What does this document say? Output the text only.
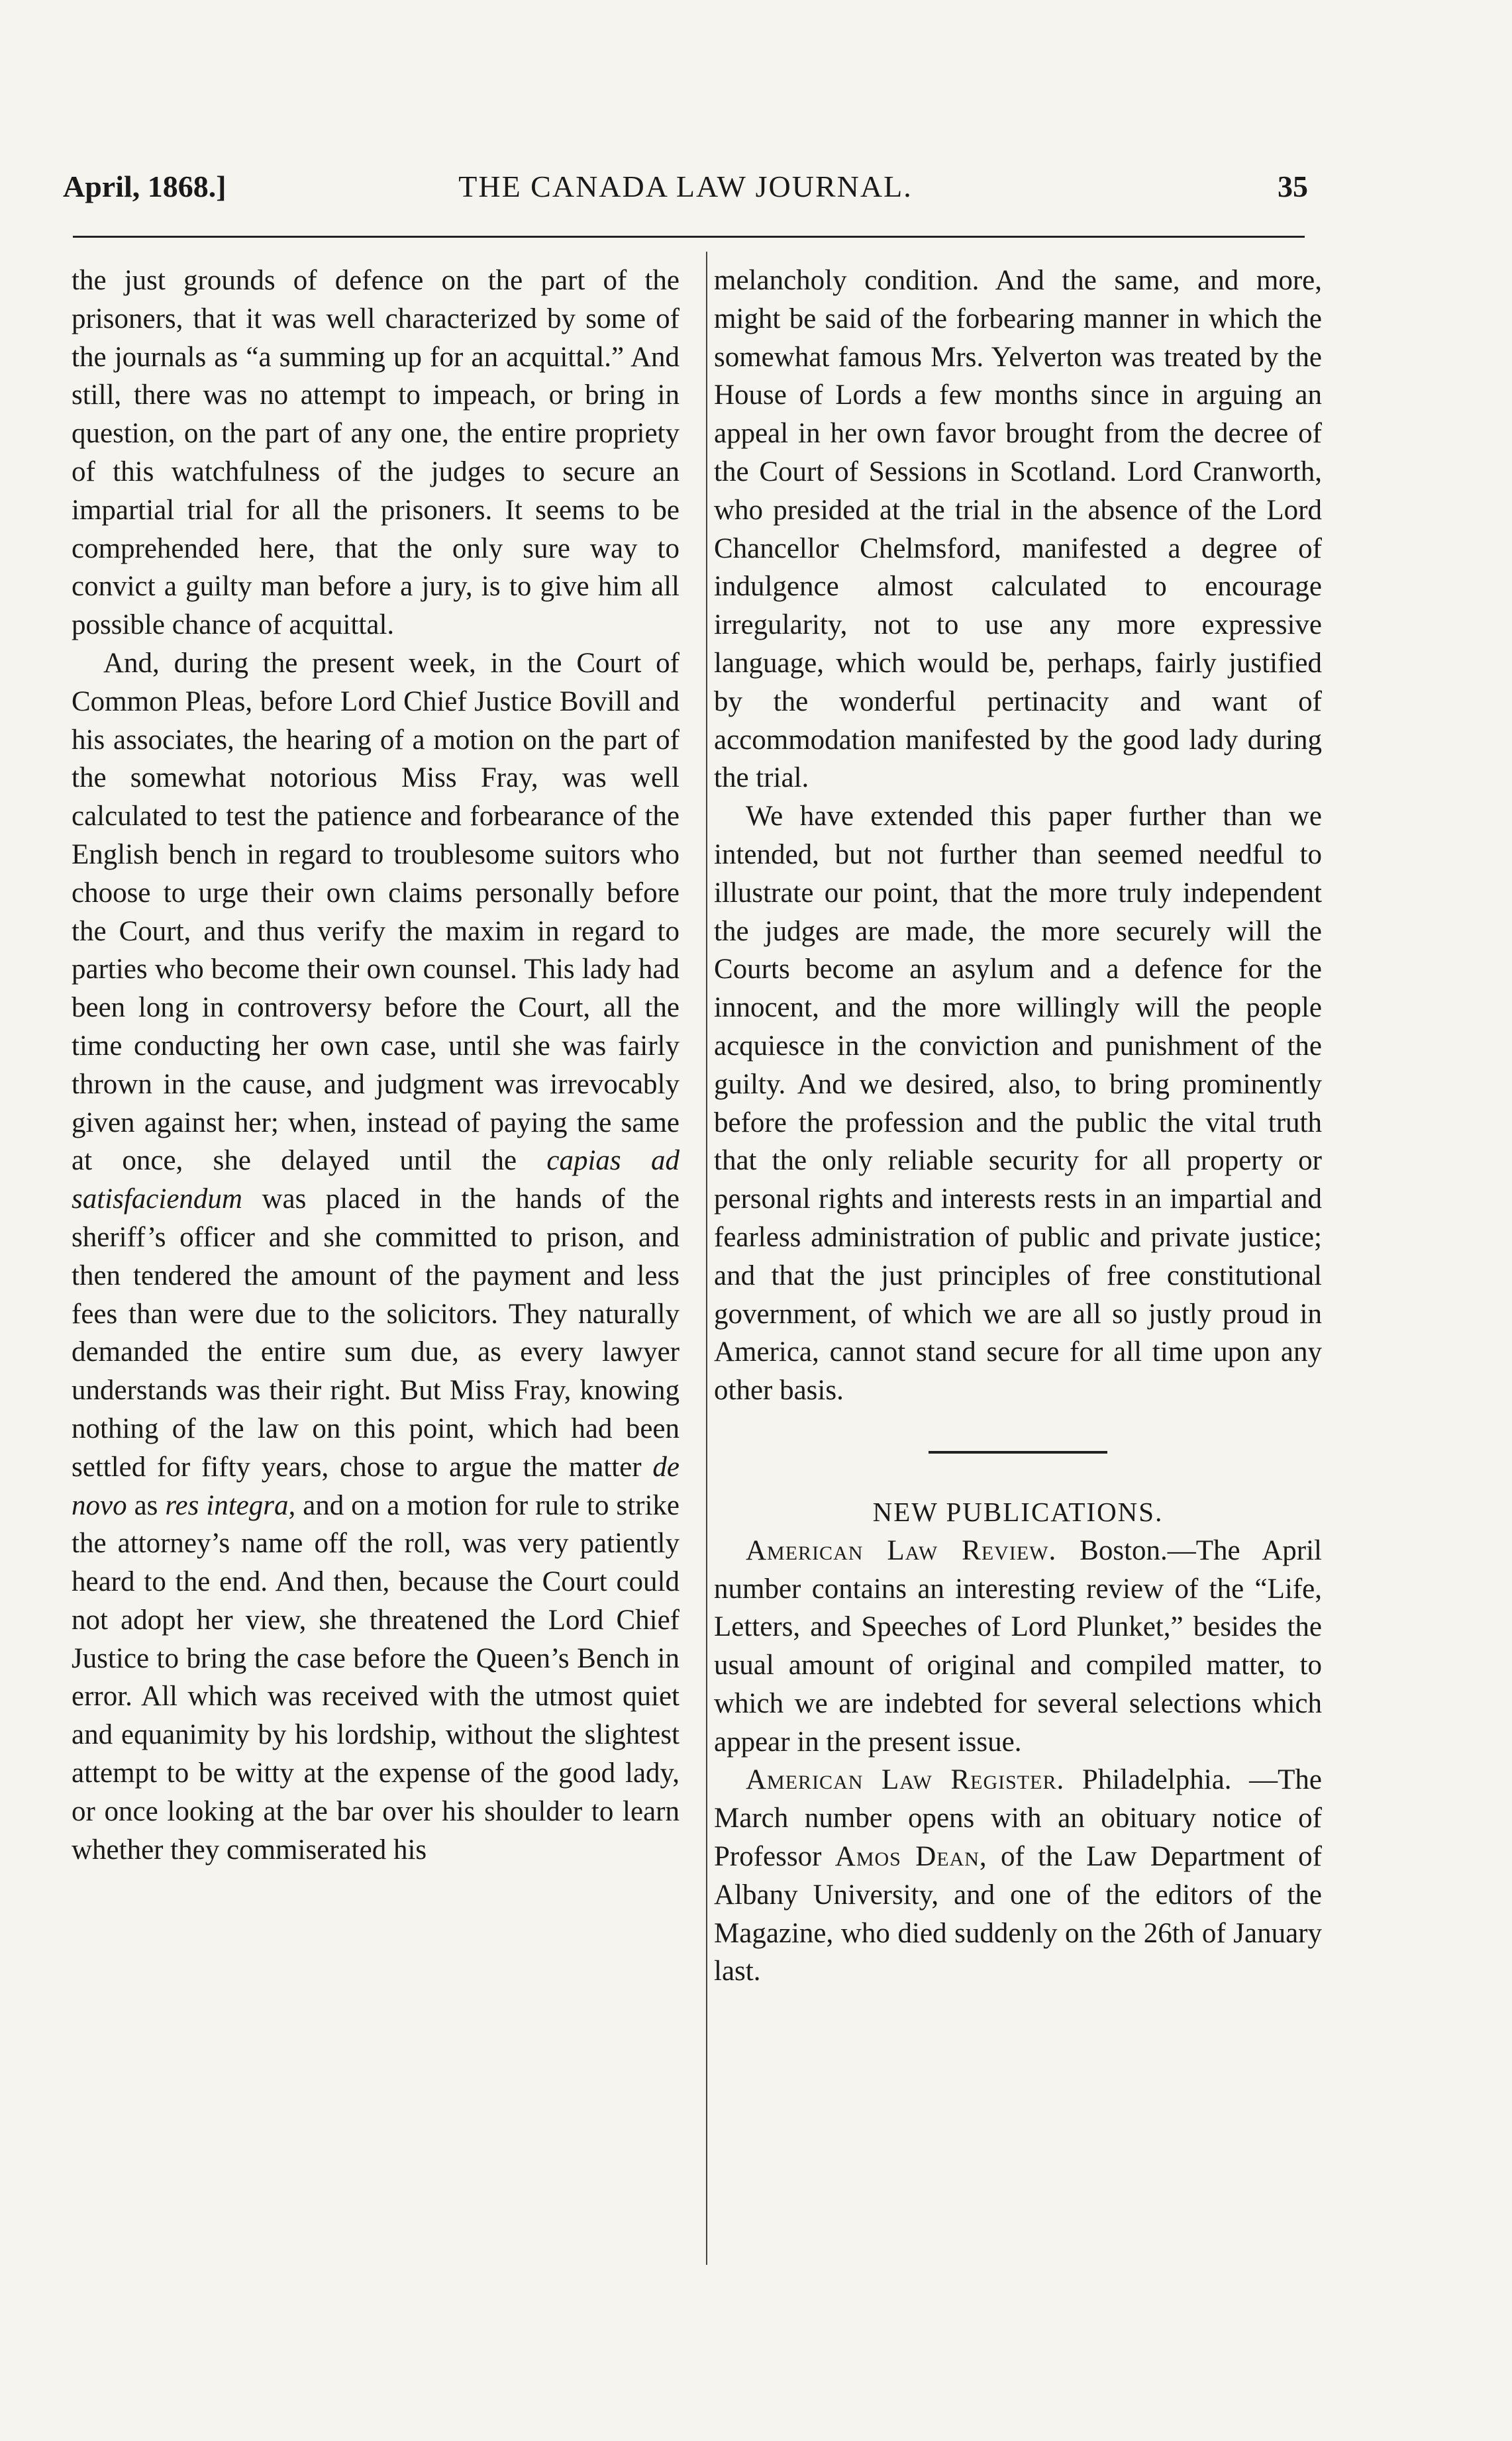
April, 1868.]	THE CANADA LAW JOURNAL.	35

the just grounds of defence on the part of the prisoners, that it was well characterized by some of the journals as “a summing up for an acquittal.” And still, there was no attempt to impeach, or bring in question, on the part of any one, the entire propriety of this watchfulness of the judges to secure an impartial trial for all the prisoners. It seems to be comprehended here, that the only sure way to convict a guilty man before a jury, is to give him all possible chance of acquittal.

And, during the present week, in the Court of Common Pleas, before Lord Chief Justice Bovill and his associates, the hearing of a motion on the part of the somewhat notorious Miss Fray, was well calculated to test the patience and forbearance of the English bench in regard to troublesome suitors who choose to urge their own claims personally before the Court, and thus verify the maxim in regard to parties who become their own counsel. This lady had been long in controversy before the Court, all the time conducting her own case, until she was fairly thrown in the cause, and judgment was irrevocably given against her; when, instead of paying the same at once, she delayed until the capias ad satisfaciendum was placed in the hands of the sheriff’s officer and she committed to prison, and then tendered the amount of the payment and less fees than were due to the solicitors. They naturally demanded the entire sum due, as every lawyer understands was their right. But Miss Fray, knowing nothing of the law on this point, which had been settled for fifty years, chose to argue the matter de novo as res integra, and on a motion for rule to strike the attorney’s name off the roll, was very patiently heard to the end. And then, because the Court could not adopt her view, she threatened the Lord Chief Justice to bring the case before the Queen’s Bench in error. All which was received with the utmost quiet and equanimity by his lordship, without the slightest attempt to be witty at the expense of the good lady, or once looking at the bar over his shoulder to learn whether they commiserated his

melancholy condition. And the same, and more, might be said of the forbearing manner in which the somewhat famous Mrs. Yelverton was treated by the House of Lords a few months since in arguing an appeal in her own favor brought from the decree of the Court of Sessions in Scotland. Lord Cranworth, who presided at the trial in the absence of the Lord Chancellor Chelmsford, manifested a degree of indulgence almost calculated to encourage irregularity, not to use any more expressive language, which would be, perhaps, fairly justified by the wonderful pertinacity and want of accommodation manifested by the good lady during the trial.

We have extended this paper further than we intended, but not further than seemed needful to illustrate our point, that the more truly independent the judges are made, the more securely will the Courts become an asylum and a defence for the innocent, and the more willingly will the people acquiesce in the conviction and punishment of the guilty. And we desired, also, to bring prominently before the profession and the public the vital truth that the only reliable security for all property or personal rights and interests rests in an impartial and fearless administration of public and private justice; and that the just principles of free constitutional government, of which we are all so justly proud in America, cannot stand secure for all time upon any other basis.

NEW PUBLICATIONS.

American Law Review. Boston.—The April number contains an interesting review of the “Life, Letters, and Speeches of Lord Plunket,” besides the usual amount of original and compiled matter, to which we are indebted for several selections which appear in the present issue.

American Law Register. Philadelphia. —The March number opens with an obituary notice of Professor Amos Dean, of the Law Department of Albany University, and one of the editors of the Magazine, who died suddenly on the 26th of January last.
